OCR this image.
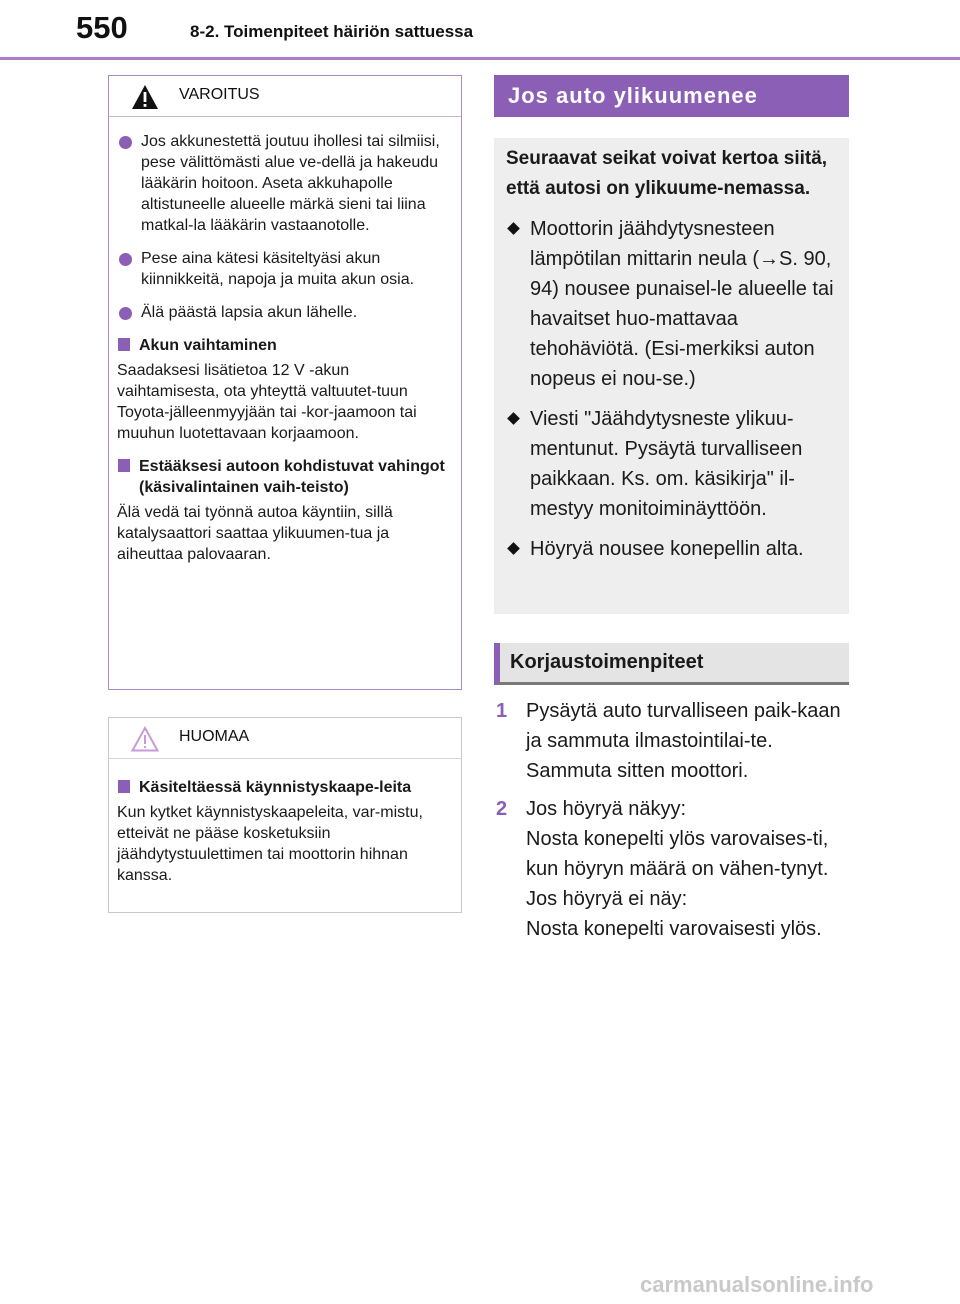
550	8-2. Toimenpiteet häiriön sattuessa
VAROITUS
Jos akkunestettä joutuu ihollesi tai silmiisi, pese välittömästi alue ve-dellä ja hakeudu lääkärin hoitoon. Aseta akkuhapolle altistuneelle alueelle märkä sieni tai liina matkal-la lääkärin vastaanotolle.
Pese aina kätesi käsiteltyäsi akun kiinnikkeitä, napoja ja muita akun osia.
Älä päästä lapsia akun lähelle.
Akun vaihtaminen
Saadaksesi lisätietoa 12 V -akun vaihtamisesta, ota yhteyttä valtuutet-tuun Toyota-jälleenmyyjään tai -kor-jaamoon tai muuhun luotettavaan korjaamoon.
Estääksesi autoon kohdistuvat vahingot (käsivalintainen vaih-teisto)
Älä vedä tai työnnä autoa käyntiin, sillä katalysaattori saattaa ylikuumen-tua ja aiheuttaa palovaaran.
HUOMAA
Käsiteltäessä käynnistyskaape-leita
Kun kytket käynnistyskaapeleita, var-mistu, etteivät ne pääse kosketuksiin jäähdytystuulettimen tai moottorin hihnan kanssa.
Jos auto ylikuumenee
Seuraavat seikat voivat kertoa siitä, että autosi on ylikuume-nemassa.
Moottorin jäähdytysnesteen lämpötilan mittarin neula (→S. 90, 94) nousee punaisel-le alueelle tai havaitset huo-mattavaa tehohäviötä. (Esi-merkiksi auton nopeus ei nou-se.)
Viesti "Jäähdytysneste ylikuu-mentunut. Pysäytä turvalliseen paikkaan. Ks. om. käsikirja" il-mestyy monitoiminäyttöön.
Höyryä nousee konepellin alta.
Korjaustoimenpiteet
1 Pysäytä auto turvalliseen paik-kaan ja sammuta ilmastointilai-te. Sammuta sitten moottori.
2 Jos höyryä näkyy:
Nosta konepelti ylös varovaises-ti, kun höyryn määrä on vähen-tynyt.
Jos höyryä ei näy:
Nosta konepelti varovaisesti ylös.
carmanualsonline.info
